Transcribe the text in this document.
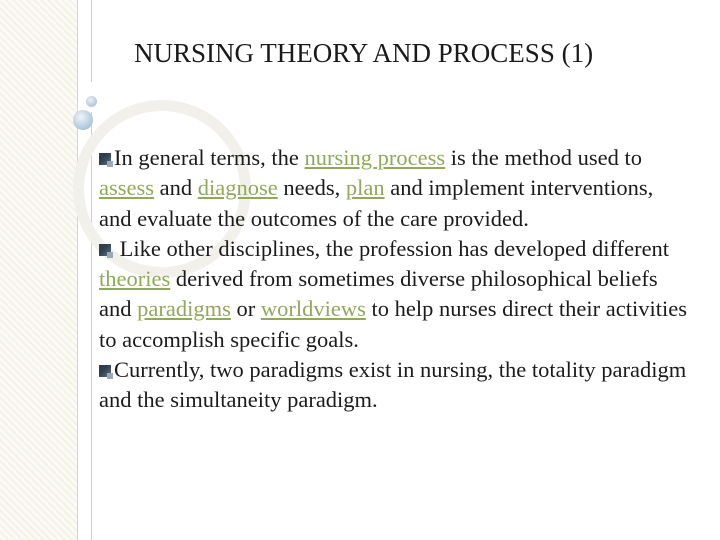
NURSING THEORY AND PROCESS (1)

In general terms, the nursing process is the method used to assess and diagnose needs, plan and implement interventions, and evaluate the outcomes of the care provided.

Like other disciplines, the profession has developed different theories derived from sometimes diverse philosophical beliefs and paradigms or worldviews to help nurses direct their activities to accomplish specific goals.

Currently, two paradigms exist in nursing, the totality paradigm and the simultaneity paradigm.
